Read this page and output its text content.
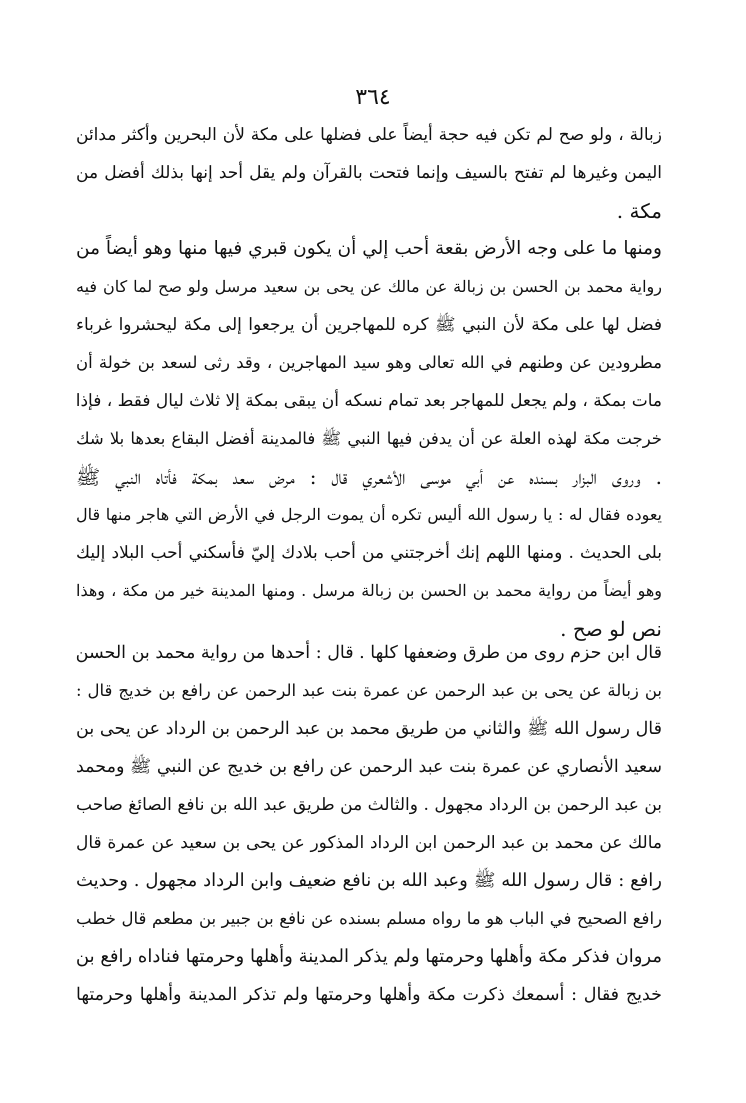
٣٦٤
زبالة ، ولو صح لم تكن فيه حجة أيضاً على فضلها على مكة لأن البحرين وأكثر مدائن
اليمن وغيرها لم تفتح بالسيف وإنما فتحت بالقرآن ولم يقل أحد إنها بذلك أفضل من
مكة .
ومنها ما على وجه الأرض بقعة أحب إلي أن يكون قبري فيها منها وهو أيضاً من
رواية محمد بن الحسن بن زبالة عن مالك عن يحى بن سعيد مرسل ولو صح لما كان فيه
فضل لها على مكة لأن النبي ﷺ كره للمهاجرين أن يرجعوا إلى مكة ليحشروا غرباء
مطرودين عن وطنهم في الله تعالى وهو سيد المهاجرين ، وقد رثى لسعد بن خولة أن
مات بمكة ، ولم يجعل للمهاجر بعد تمام نسكه أن يبقى بمكة إلا ثلاث ليال فقط ، فإذا
خرجت مكة لهذه العلة عن أن يدفن فيها النبي ﷺ فالمدينة أفضل البقاع بعدها بلا شك
. وروى البزار بسنده عن أبي موسى الأشعري قال : مرض سعد بمكة فأتاه النبي ﷺ
يعوده فقال له : يا رسول الله أليس تكره أن يموت الرجل في الأرض التي هاجر منها قال
بلى الحديث . ومنها اللهم إنك أخرجتني من أحب بلادك إليّ فأسكني أحب البلاد إليك
وهو أيضاً من رواية محمد بن الحسن بن زبالة مرسل . ومنها المدينة خير من مكة ، وهذا
نص لو صح .
قال ابن حزم روى من طرق وضعفها كلها . قال : أحدها من رواية محمد بن الحسن
بن زبالة عن يحى بن عبد الرحمن عن عمرة بنت عبد الرحمن عن رافع بن خديج قال :
قال رسول الله ﷺ والثاني من طريق محمد بن عبد الرحمن بن الرداد عن يحى بن
سعيد الأنصاري عن عمرة بنت عبد الرحمن عن رافع بن خديج عن النبي ﷺ ومحمد
بن عبد الرحمن بن الرداد مجهول . والثالث من طريق عبد الله بن نافع الصائغ صاحب
مالك عن محمد بن عبد الرحمن ابن الرداد المذكور عن يحى بن سعيد عن عمرة قال
رافع : قال رسول الله ﷺ وعبد الله بن نافع ضعيف وابن الرداد مجهول . وحديث
رافع الصحيح في الباب هو ما رواه مسلم بسنده عن نافع بن جبير بن مطعم قال خطب
مروان فذكر مكة وأهلها وحرمتها ولم يذكر المدينة وأهلها وحرمتها فناداه رافع بن
خديج فقال : أسمعك ذكرت مكة وأهلها وحرمتها ولم تذكر المدينة وأهلها وحرمتها
